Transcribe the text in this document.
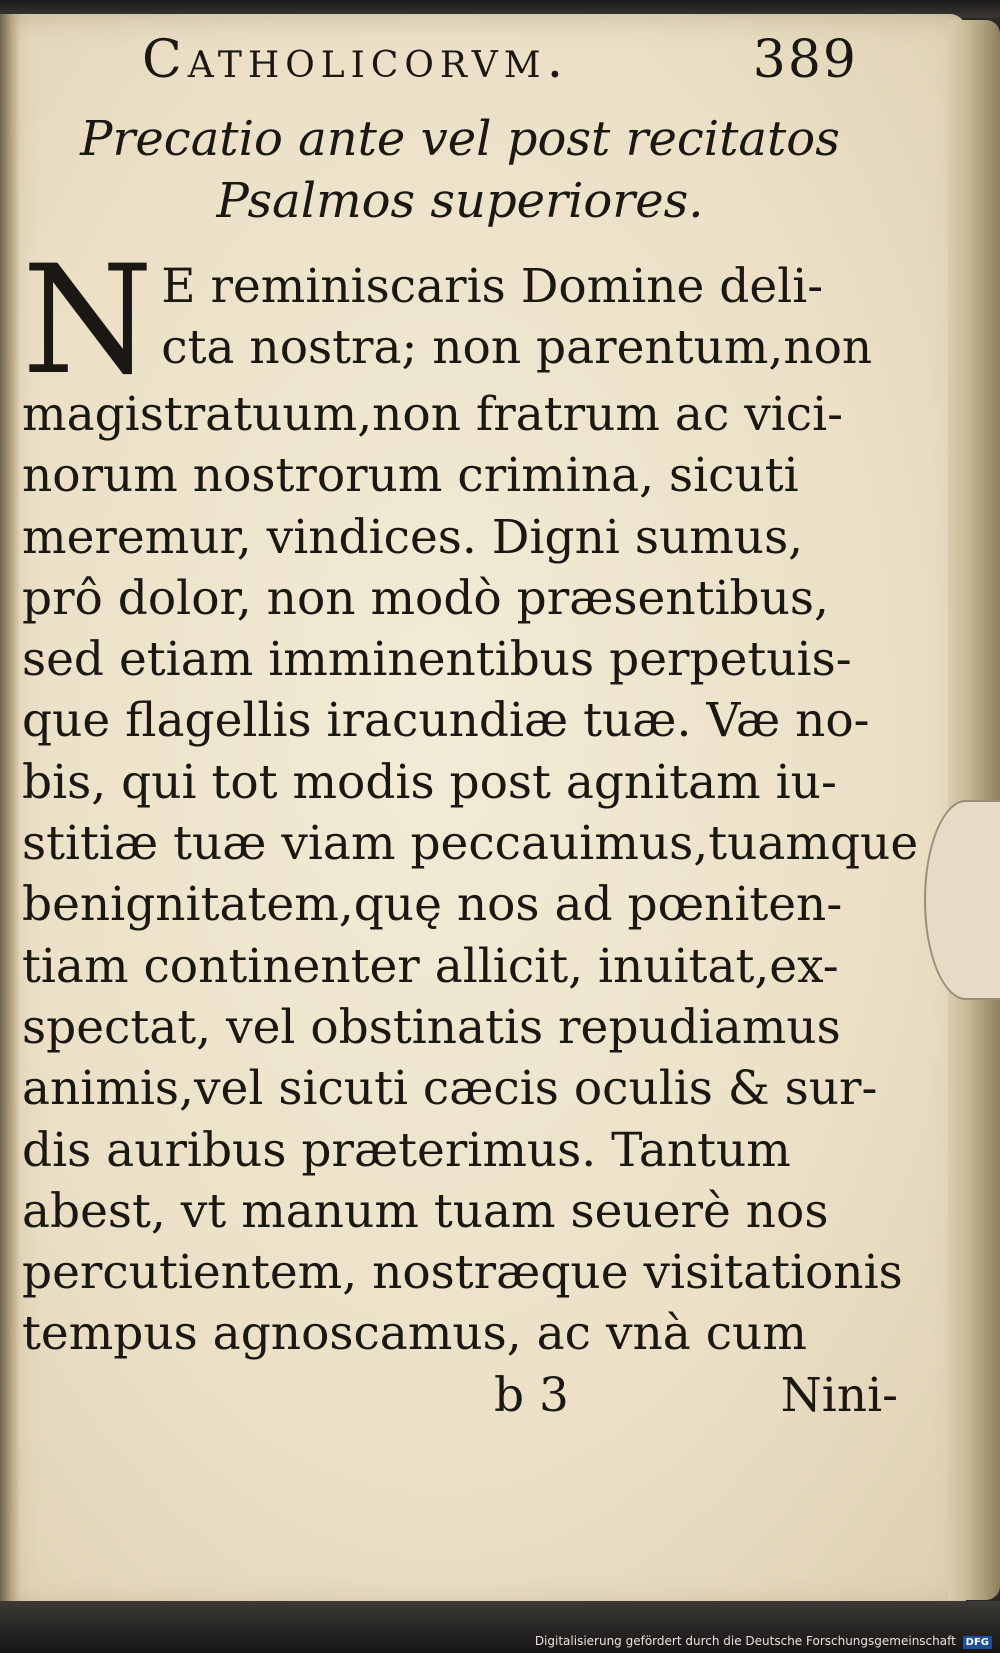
Catholicorvm.	389
Precatio ante vel post recitatos
Psalmos superiores.
N E reminiscaris Domine deli-
cta nostra; non parentum,non
magistratuum,non fratrum ac vici-
norum nostrorum crimina, sicuti
meremur, vindices. Digni sumus,
prô dolor, non modò præsentibus,
sed etiam imminentibus perpetuis-
que flagellis iracundiæ tuæ. Væ no-
bis, qui tot modis post agnitam iu-
stitiæ tuæ viam peccauimus,tuamque
benignitatem,quę nos ad pœniten-
tiam continenter allicit, inuitat,ex-
spectat, vel obstinatis repudiamus
animis,vel sicuti cæcis oculis & sur-
dis auribus præterimus. Tantum
abest, vt manum tuam seuerè nos
percutientem, nostræque visitationis
tempus agnoscamus, ac vnà cum
b 3	Nini-
Digitalisierung gefördert durch die Deutsche Forschungsgemeinschaft DFG
